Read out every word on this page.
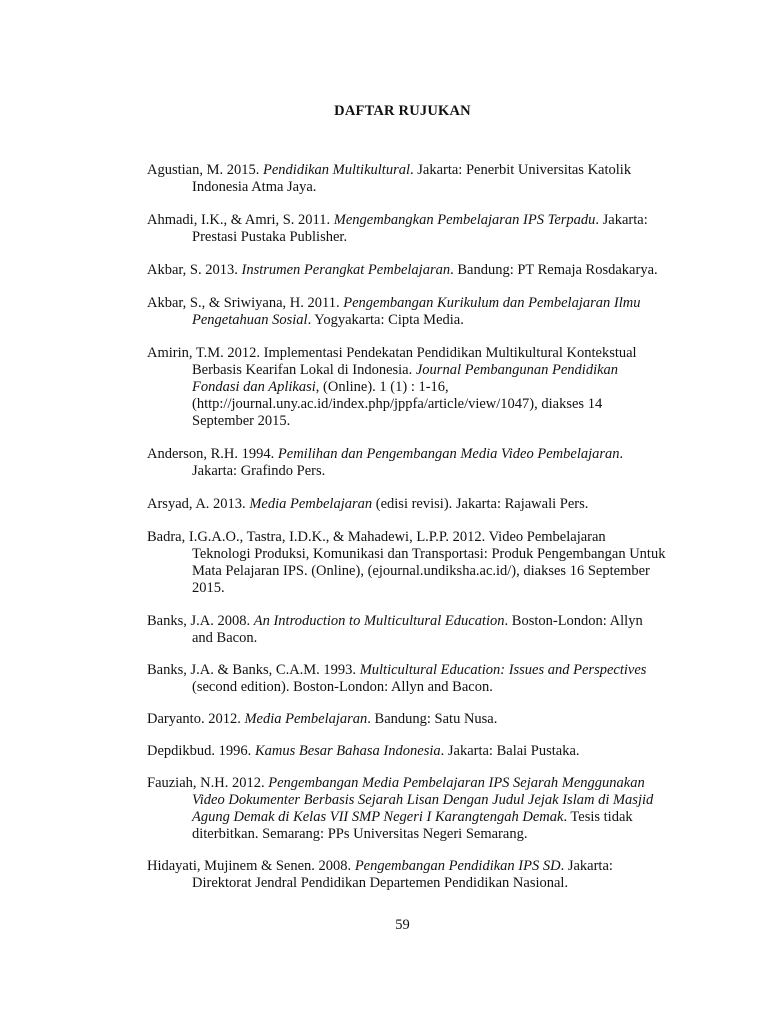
DAFTAR RUJUKAN

Agustian, M. 2015. Pendidikan Multikultural. Jakarta: Penerbit Universitas Katolik Indonesia Atma Jaya.

Ahmadi, I.K., & Amri, S. 2011. Mengembangkan Pembelajaran IPS Terpadu. Jakarta: Prestasi Pustaka Publisher.

Akbar, S. 2013. Instrumen Perangkat Pembelajaran. Bandung: PT Remaja Rosdakarya.

Akbar, S., & Sriwiyana, H. 2011. Pengembangan Kurikulum dan Pembelajaran Ilmu Pengetahuan Sosial. Yogyakarta: Cipta Media.

Amirin, T.M. 2012. Implementasi Pendekatan Pendidikan Multikultural Kontekstual Berbasis Kearifan Lokal di Indonesia. Journal Pembangunan Pendidikan Fondasi dan Aplikasi, (Online). 1 (1) : 1-16, (http://journal.uny.ac.id/index.php/jppfa/article/view/1047), diakses 14 September 2015.

Anderson, R.H. 1994. Pemilihan dan Pengembangan Media Video Pembelajaran. Jakarta: Grafindo Pers.

Arsyad, A. 2013. Media Pembelajaran (edisi revisi). Jakarta: Rajawali Pers.

Badra, I.G.A.O., Tastra, I.D.K., & Mahadewi, L.P.P. 2012. Video Pembelajaran Teknologi Produksi, Komunikasi dan Transportasi: Produk Pengembangan Untuk Mata Pelajaran IPS. (Online), (ejournal.undiksha.ac.id/), diakses 16 September 2015.

Banks, J.A. 2008. An Introduction to Multicultural Education. Boston-London: Allyn and Bacon.

Banks, J.A. & Banks, C.A.M. 1993. Multicultural Education: Issues and Perspectives (second edition). Boston-London: Allyn and Bacon.

Daryanto. 2012. Media Pembelajaran. Bandung: Satu Nusa.

Depdikbud. 1996. Kamus Besar Bahasa Indonesia. Jakarta: Balai Pustaka.

Fauziah, N.H. 2012. Pengembangan Media Pembelajaran IPS Sejarah Menggunakan Video Dokumenter Berbasis Sejarah Lisan Dengan Judul Jejak Islam di Masjid Agung Demak di Kelas VII SMP Negeri I Karangtengah Demak. Tesis tidak diterbitkan. Semarang: PPs Universitas Negeri Semarang.

Hidayati, Mujinem & Senen. 2008. Pengembangan Pendidikan IPS SD. Jakarta: Direktorat Jendral Pendidikan Departemen Pendidikan Nasional.

59
